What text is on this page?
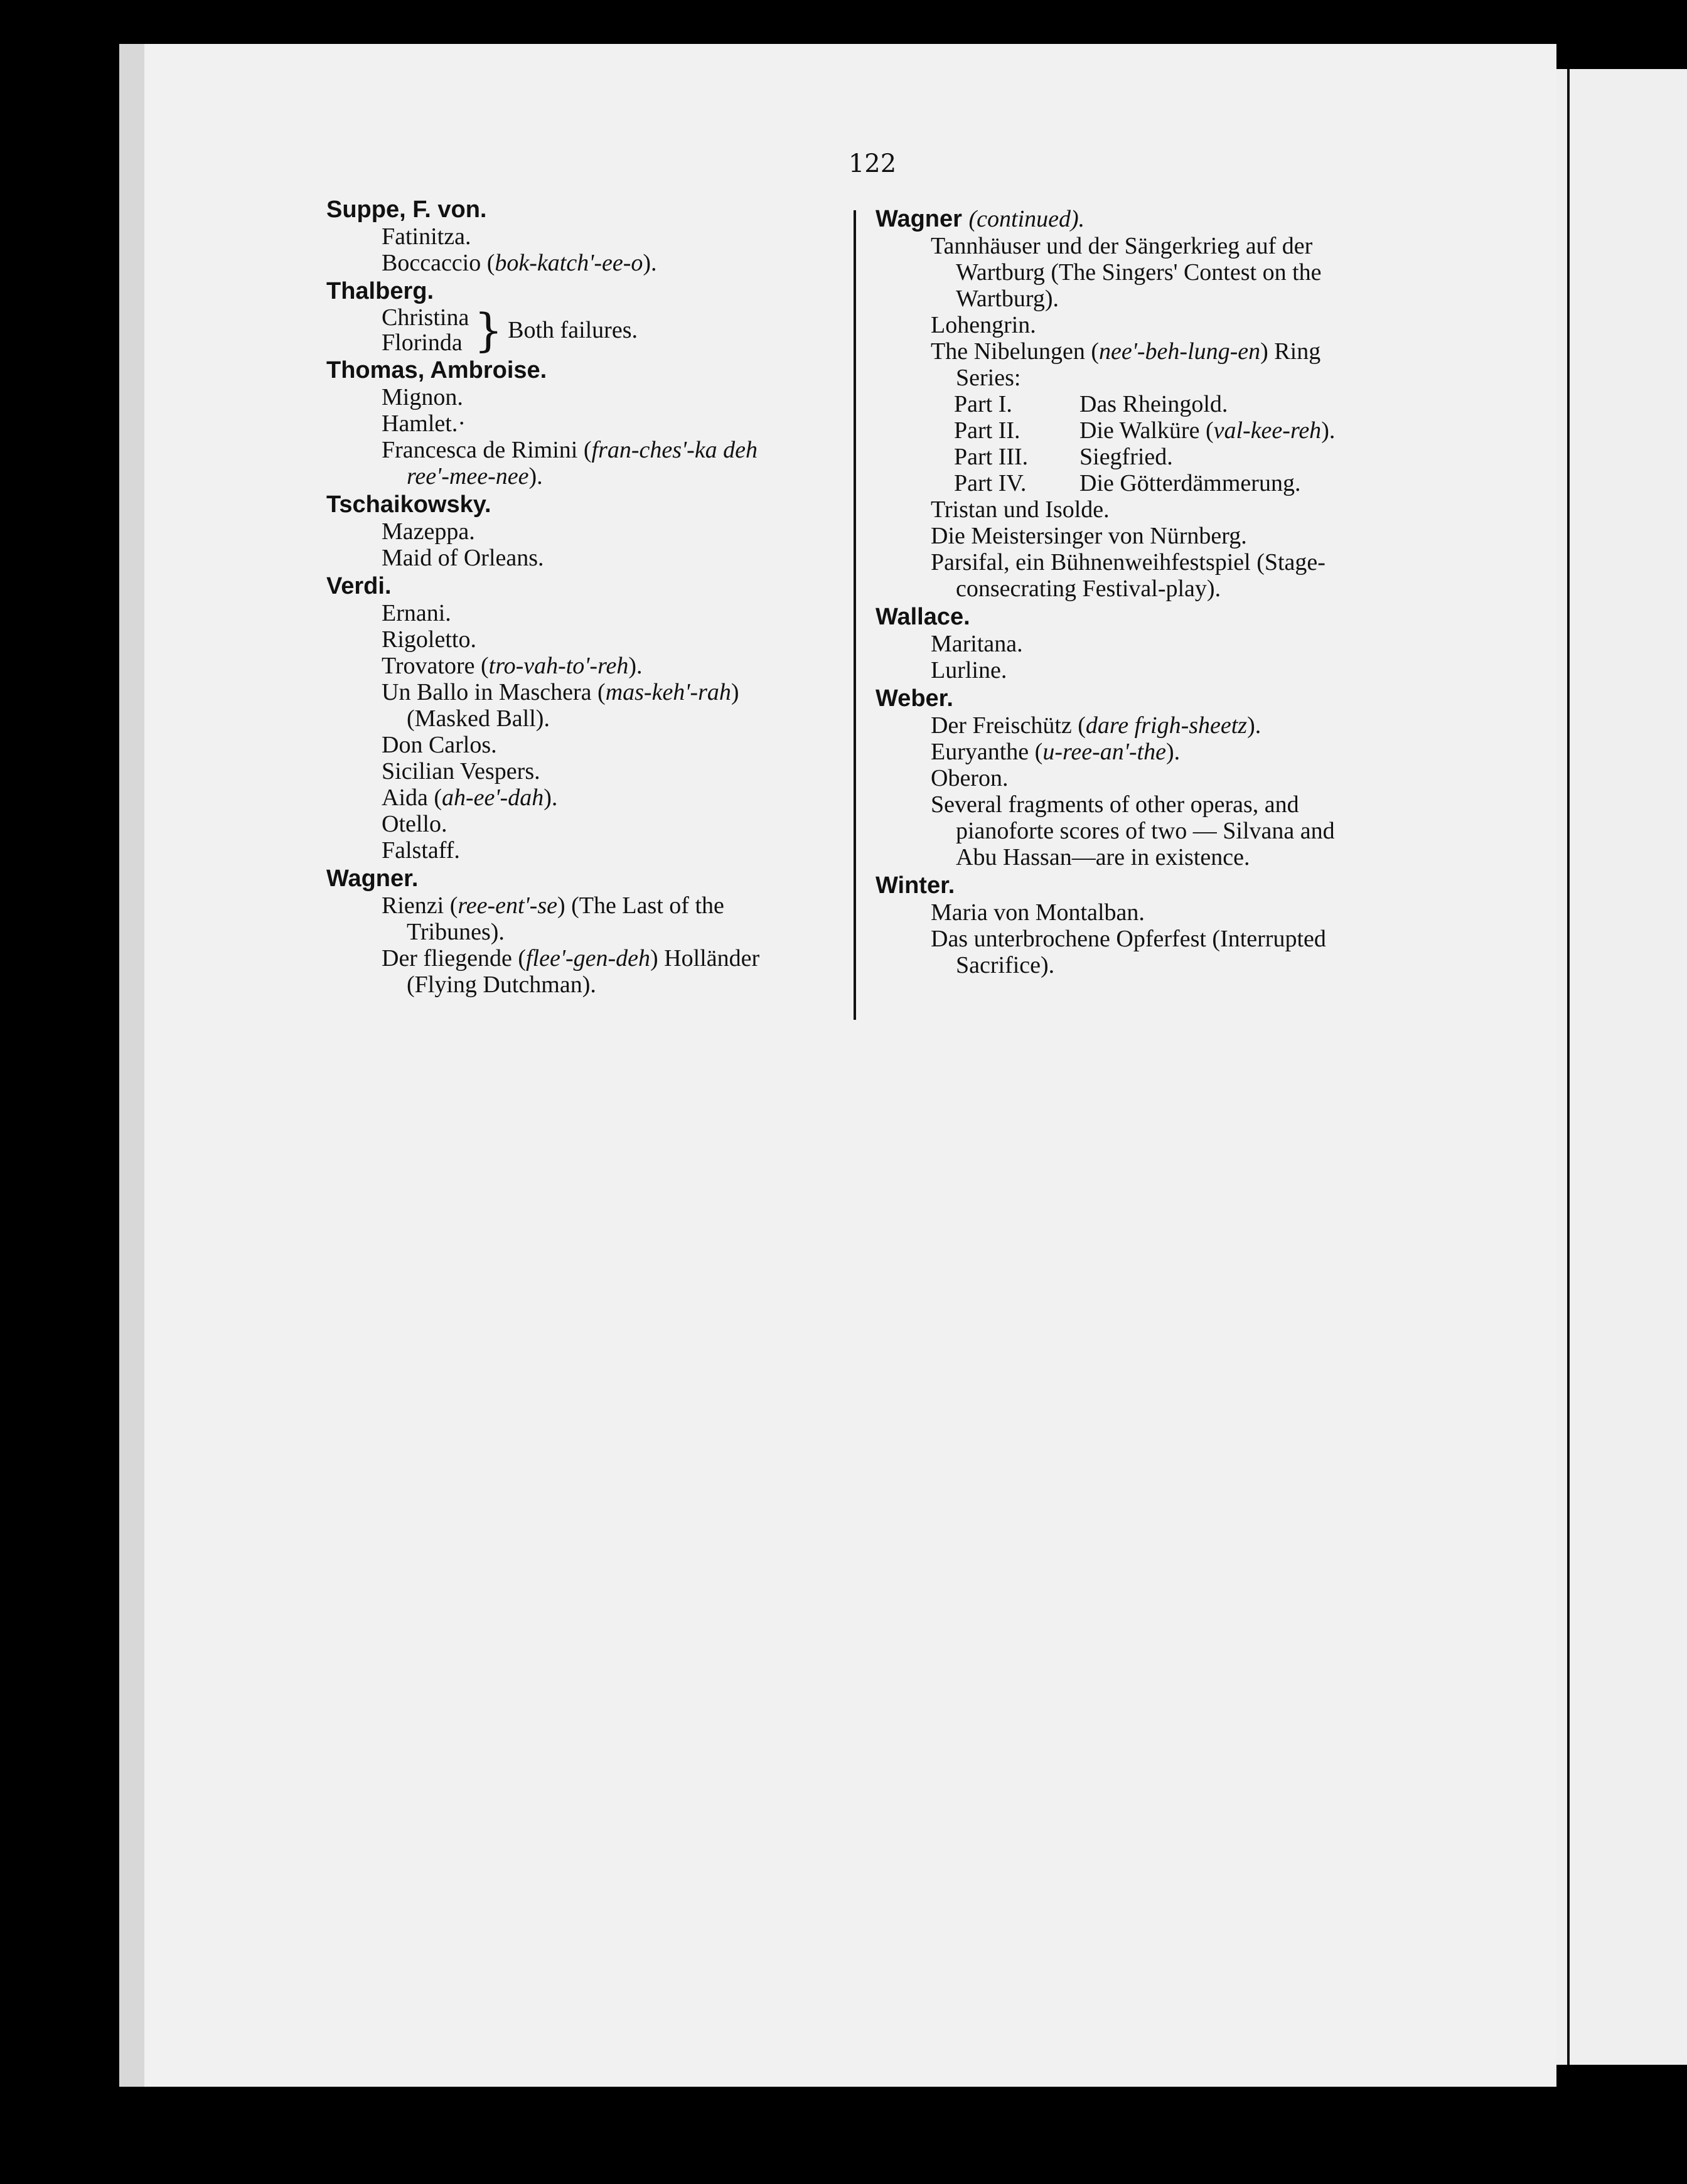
122
Suppe, F. von.
Fatinitza.
Boccaccio (bok-katch'-ee-o).
Thalberg.
Christina
Florinda } Both failures.
Thomas, Ambroise.
Mignon.
Hamlet.·
Francesca de Rimini (fran-ches'-ka deh
ree'-mee-nee).
Tschaikowsky.
Mazeppa.
Maid of Orleans.
Verdi.
Ernani.
Rigoletto.
Trovatore (tro-vah-to'-reh).
Un Ballo in Maschera (mas-keh'-rah)
(Masked Ball).
Don Carlos.
Sicilian Vespers.
Aida (ah-ee'-dah).
Otello.
Falstaff.
Wagner.
Rienzi (ree-ent'-se) (The Last of the
Tribunes).
Der fliegende (flee'-gen-deh) Holländer
(Flying Dutchman).
Wagner (continued).
Tannhäuser und der Sängerkrieg auf der
Wartburg (The Singers' Contest on the
Wartburg).
Lohengrin.
The Nibelungen (nee'-beh-lung-en) Ring
Series:
Part I.	Das Rheingold.
Part II.	Die Walküre (val-kee-reh).
Part III.	Siegfried.
Part IV.	Die Götterdämmerung.
Tristan und Isolde.
Die Meistersinger von Nürnberg.
Parsifal, ein Bühnenweihfestspiel (Stage-
consecrating Festival-play).
Wallace.
Maritana.
Lurline.
Weber.
Der Freischütz (dare frigh-sheetz).
Euryanthe (u-ree-an'-the).
Oberon.
Several fragments of other operas, and
pianoforte scores of two — Silvana and
Abu Hassan—are in existence.
Winter.
Maria von Montalban.
Das unterbrochene Opferfest (Interrupted
Sacrifice).
